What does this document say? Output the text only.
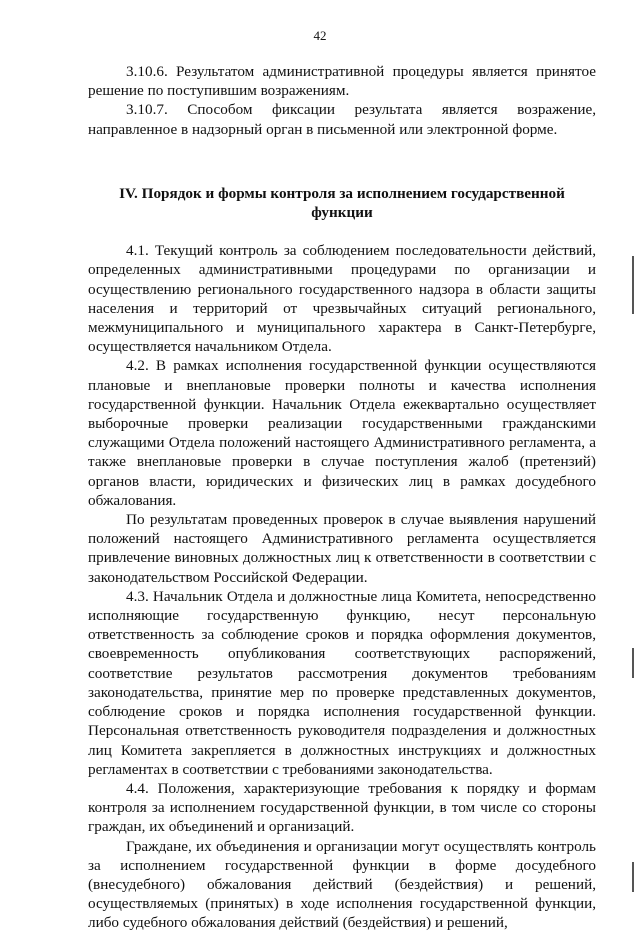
42

3.10.6. Результатом административной процедуры является принятое решение по поступившим возражениям.

3.10.7. Способом фиксации результата является возражение, направленное в надзорный орган в письменной или электронной форме.

IV. Порядок и формы контроля за исполнением государственной функции

4.1. Текущий контроль за соблюдением последовательности действий, определенных административными процедурами по организации и осуществлению регионального государственного надзора в области защиты населения и территорий от чрезвычайных ситуаций регионального, межмуниципального и муниципального характера в Санкт-Петербурге, осуществляется начальником Отдела.

4.2. В рамках исполнения государственной функции осуществляются плановые и внеплановые проверки полноты и качества исполнения государственной функции. Начальник Отдела ежеквартально осуществляет выборочные проверки реализации государственными гражданскими служащими Отдела положений настоящего Административного регламента, а также внеплановые проверки в случае поступления жалоб (претензий) органов власти, юридических и физических лиц в рамках досудебного обжалования.

По результатам проведенных проверок в случае выявления нарушений положений настоящего Административного регламента осуществляется привлечение виновных должностных лиц к ответственности в соответствии с законодательством Российской Федерации.

4.3. Начальник Отдела и должностные лица Комитета, непосредственно исполняющие государственную функцию, несут персональную ответственность за соблюдение сроков и порядка оформления документов, своевременность опубликования соответствующих распоряжений, соответствие результатов рассмотрения документов требованиям законодательства, принятие мер по проверке представленных документов, соблюдение сроков и порядка исполнения государственной функции. Персональная ответственность руководителя подразделения и должностных лиц Комитета закрепляется в должностных инструкциях и должностных регламентах в соответствии с требованиями законодательства.

4.4. Положения, характеризующие требования к порядку и формам контроля за исполнением государственной функции, в том числе со стороны граждан, их объединений и организаций.

Граждане, их объединения и организации могут осуществлять контроль за исполнением государственной функции в форме досудебного (внесудебного) обжалования действий (бездействия) и решений, осуществляемых (принятых) в ходе исполнения государственной функции, либо судебного обжалования действий (бездействия) и решений,
